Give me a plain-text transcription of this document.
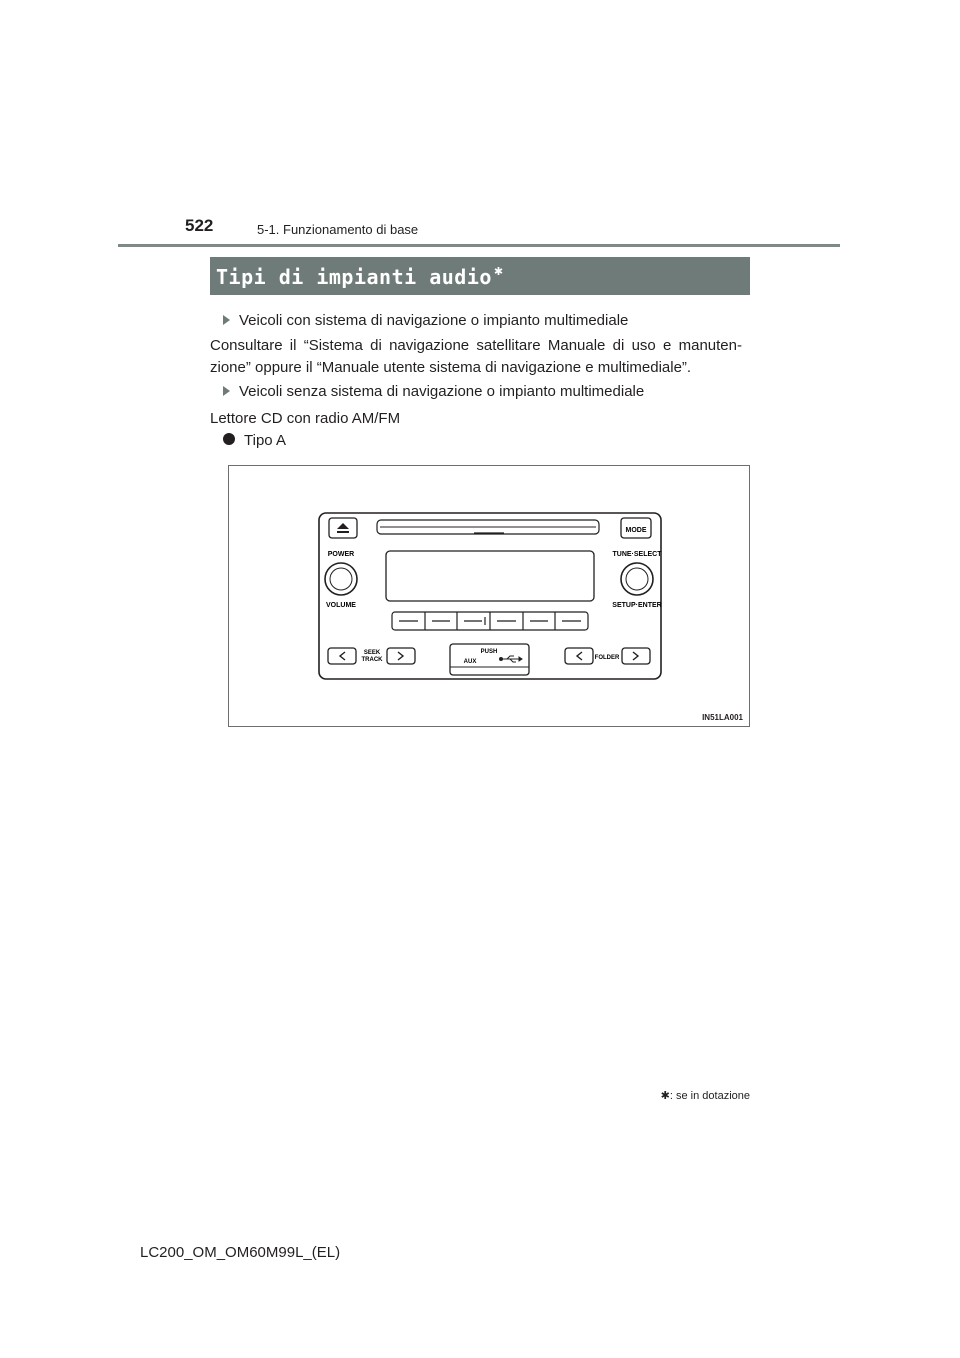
522	5-1. Funzionamento di base
Tipi di impianti audio ✱
Veicoli con sistema di navigazione o impianto multimediale
Consultare il “Sistema di navigazione satellitare Manuale di uso e manuten-zione” oppure il “Manuale utente sistema di navigazione e multimediale”.
Veicoli senza sistema di navigazione o impianto multimediale
Lettore CD con radio AM/FM
Tipo A
MODE
POWER
VOLUME
TUNE·SELECT
SETUP·ENTER
SEEK
TRACK
PUSH
AUX
FOLDER
IN51LA001
✱: se in dotazione
LC200_OM_OM60M99L_(EL)
